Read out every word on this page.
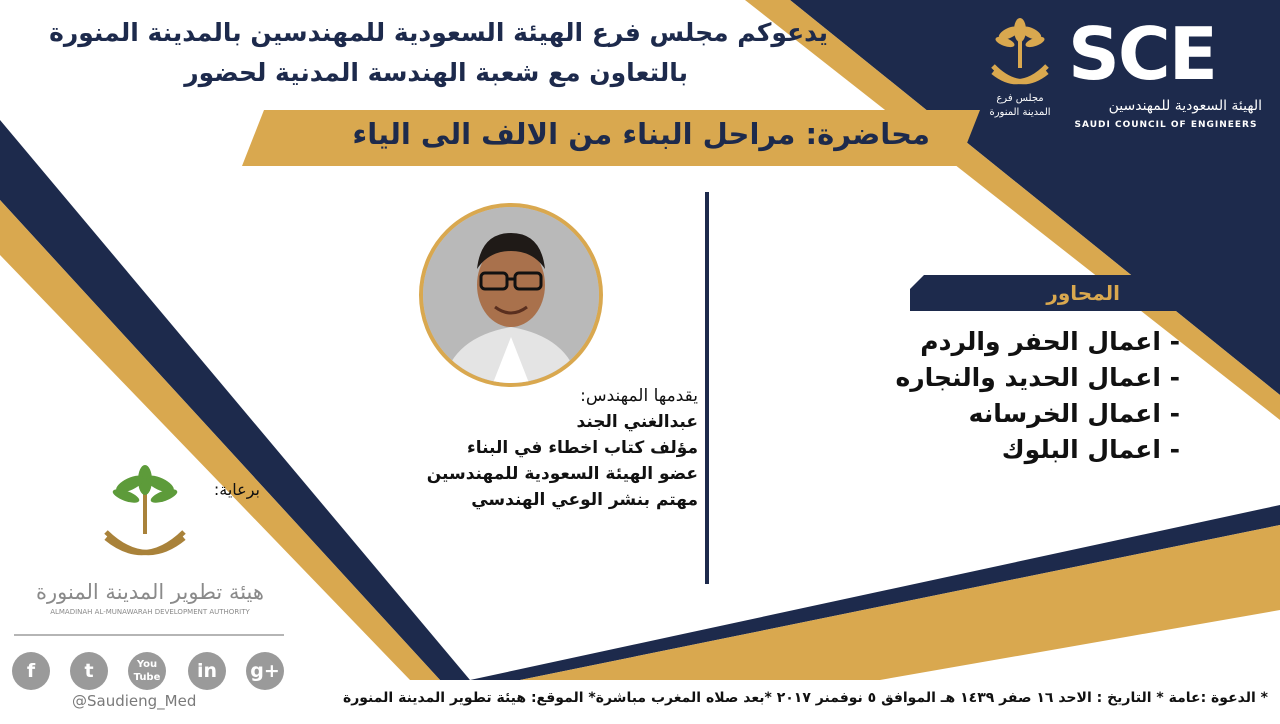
يدعوكم مجلس فرع الهيئة السعودية للمهندسين بالمدينة المنورة
بالتعاون مع شعبة الهندسة المدنية لحضور
محاضرة: مراحل البناء من الالف الى الياء
SCE
الهيئة السعودية للمهندسين
SAUDI COUNCIL OF ENGINEERS
مجلس فرع
المدينة المنورة
يقدمها المهندس:
عبدالغني الجند
مؤلف كتاب اخطاء في البناء
عضو الهيئة السعودية للمهندسين
مهتم بنشر الوعي الهندسي
المحاور
- اعمال الحفر والردم
- اعمال الحديد والنجاره
- اعمال الخرسانه
- اعمال البلوك
برعاية:
هيئة تطوير المدينة المنورة
ALMADINAH AL-MUNAWARAH DEVELOPMENT AUTHORITY
f	t	You Tube	in	g+
@Saudieng_Med	* الدعوة :عامة * التاريخ : الاحد ١٦ صفر ١٤٣٩ هـ الموافق ٥ نوفمنر ٢٠١٧ *بعد صلاه المغرب مباشرة* الموقع: هيئة تطوير المدينة المنورة
